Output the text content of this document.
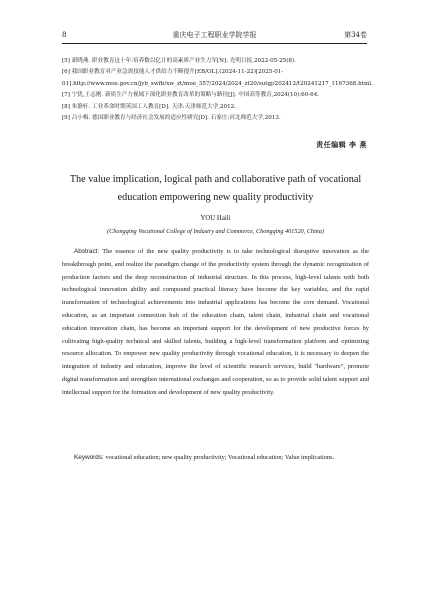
8	重庆电子工程职业学院学报	第34卷
[5] 新晓燕. 职业教育这十年:培养数以亿计的高素质产业生力军[N]. 光明日报,2022-05-25(8).
[6] 我国职业教育对产业急需技能人才供给力不断提升[EB/OL].(2024-11-22)[2025-01-01].http://www.moe.gov.cn/jyb_xwfb/xw_zt/moe_357/2024/2024_zt20/sutgj/202412/t20241217_1167368.html.
[7] 宁犹,王志刚. 新质生产力视域下深化职业教育改革的策略与路径[J]. 中国高等教育,2024(10):60-64.
[8] 朱静轩. 工业革命时期英国工人教育[D]. 天津:天津师范大学,2012.
[9] 吕小梅. 德国职业教育与经济社会发展的适应性研究[D]. 石家庄:河北师范大学,2013.
责任编辑 李 燕
The value implication, logical path and collaborative path of vocational
education empowering new quality productivity
YOU Haili
(Chongqing Vocational College of Industry and Commerce, Chongqing 401520, China)
Abstract: The essence of the new quality productivity is to take technological disruptive innovation as the breakthrough point, and realize the paradigm change of the productivity system through the dynamic recognization of production factors and the deep reconstruction of industrial structure. In this process, high-level talents with both technological innovation ability and compound practical literacy have become the key variables, and the rapid transformation of technological achievements into industrial applications has become the core demand. Vocational education, as an important connection hub of the education chain, talent chain, industrial chain and vocational education innovation chain, has become an important support for the development of new productive forces by cultivating high-quality technical and skilled talents, building a high-level transformation platform and optimizing resource allocation. To empower new quality productivity through vocational education, it is necessary to deepen the integration of industry and education, improve the level of scientific research services, build "hardware", promote digital transformation and strengthen international exchanges and cooperation, so as to provide solid talent support and intellectual support for the formation and development of new quality productivity.
Keywords: vocational education; new quality productivity; Vocational education; Value implications.
